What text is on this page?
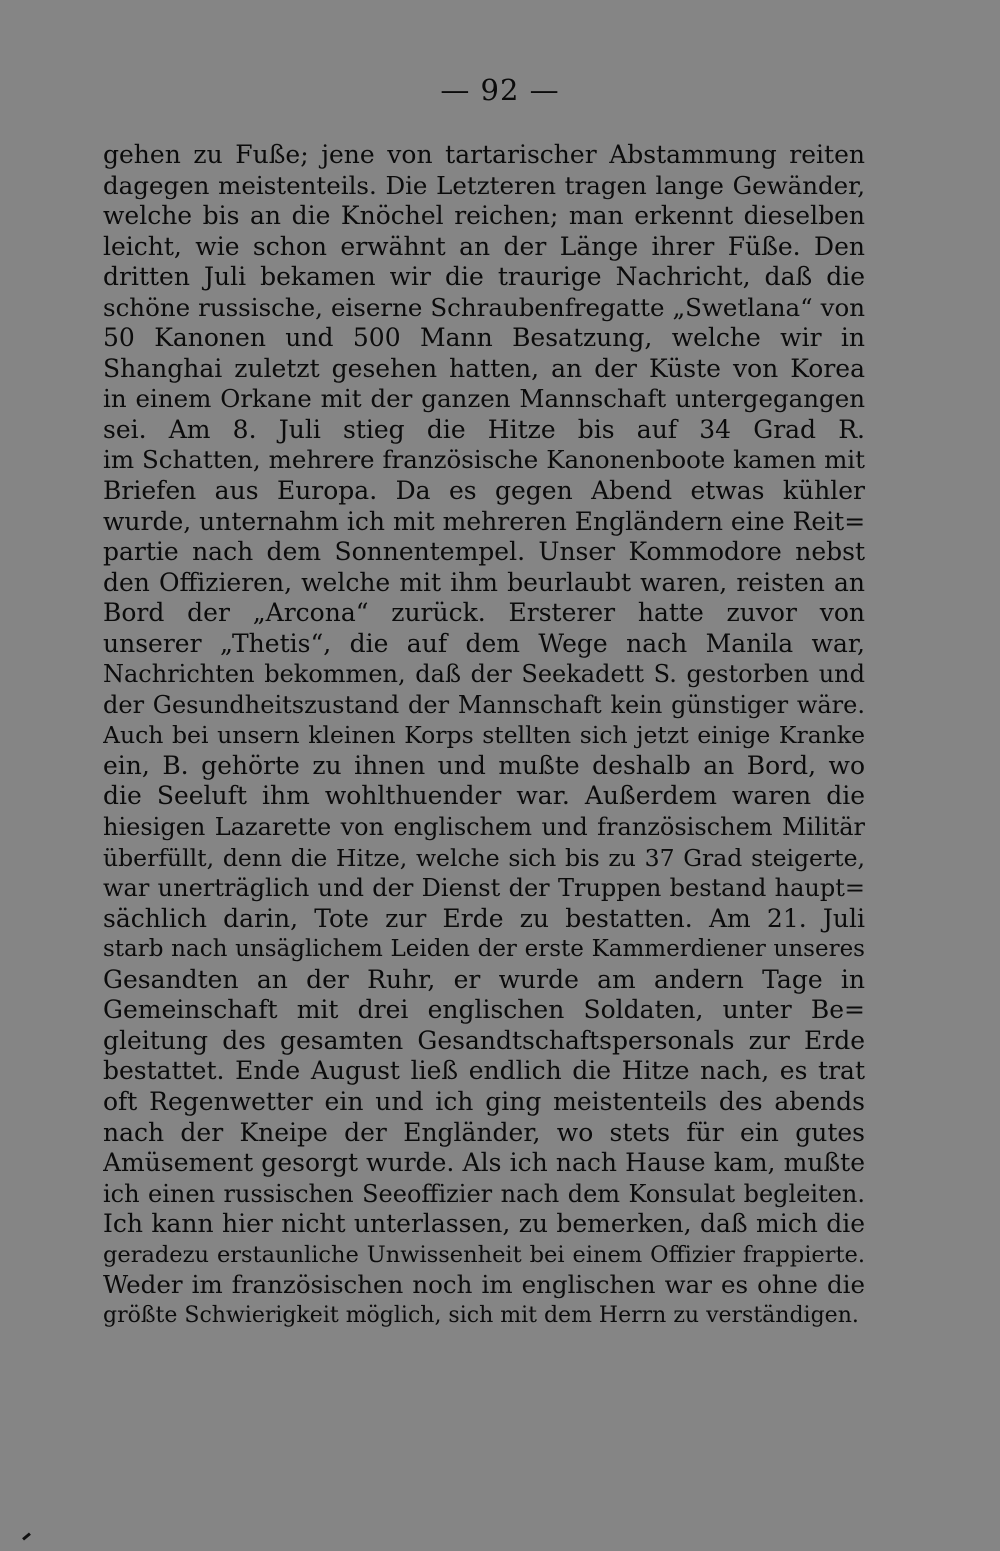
— 92 —
gehen zu Fuße; jene von tartarischer Abstammung reiten
dagegen meistenteils. Die Letzteren tragen lange Gewänder,
welche bis an die Knöchel reichen; man erkennt dieselben
leicht, wie schon erwähnt an der Länge ihrer Füße. Den
dritten Juli bekamen wir die traurige Nachricht, daß die
schöne russische, eiserne Schraubenfregatte „Swetlana“ von
50 Kanonen und 500 Mann Besatzung, welche wir in
Shanghai zuletzt gesehen hatten, an der Küste von Korea
in einem Orkane mit der ganzen Mannschaft untergegangen
sei. Am 8. Juli stieg die Hitze bis auf 34 Grad R.
im Schatten, mehrere französische Kanonenboote kamen mit
Briefen aus Europa. Da es gegen Abend etwas kühler
wurde, unternahm ich mit mehreren Engländern eine Reit=
partie nach dem Sonnentempel. Unser Kommodore nebst
den Offizieren, welche mit ihm beurlaubt waren, reisten an
Bord der „Arcona“ zurück. Ersterer hatte zuvor von
unserer „Thetis“, die auf dem Wege nach Manila war,
Nachrichten bekommen, daß der Seekadett S. gestorben und
der Gesundheitszustand der Mannschaft kein günstiger wäre.
Auch bei unsern kleinen Korps stellten sich jetzt einige Kranke
ein, B. gehörte zu ihnen und mußte deshalb an Bord, wo
die Seeluft ihm wohlthuender war. Außerdem waren die
hiesigen Lazarette von englischem und französischem Militär
überfüllt, denn die Hitze, welche sich bis zu 37 Grad steigerte,
war unerträglich und der Dienst der Truppen bestand haupt=
sächlich darin, Tote zur Erde zu bestatten. Am 21. Juli
starb nach unsäglichem Leiden der erste Kammerdiener unseres
Gesandten an der Ruhr, er wurde am andern Tage in
Gemeinschaft mit drei englischen Soldaten, unter Be=
gleitung des gesamten Gesandtschaftspersonals zur Erde
bestattet. Ende August ließ endlich die Hitze nach, es trat
oft Regenwetter ein und ich ging meistenteils des abends
nach der Kneipe der Engländer, wo stets für ein gutes
Amüsement gesorgt wurde. Als ich nach Hause kam, mußte
ich einen russischen Seeoffizier nach dem Konsulat begleiten.
Ich kann hier nicht unterlassen, zu bemerken, daß mich die
geradezu erstaunliche Unwissenheit bei einem Offizier frappierte.
Weder im französischen noch im englischen war es ohne die
größte Schwierigkeit möglich, sich mit dem Herrn zu verständigen.
